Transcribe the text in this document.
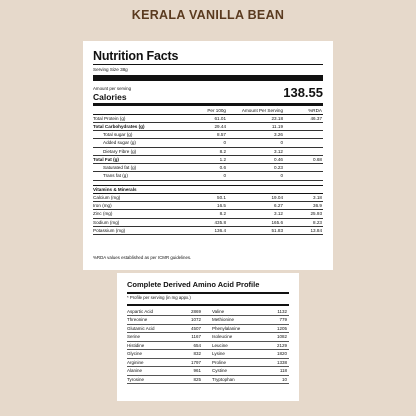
KERALA VANILLA BEAN
Nutrition Facts
Serving Size 38g
Amount per serving
Calories	138.55
	Per 100g	Amount Per Serving	%RDA
Total Protein (g)	61.01	23.18	46.37
Total Carbohydrates (g)	29.44	11.19	
Total sugar (g)	8.57	3.26	
Added sugar (g)	0	0	
Dietary Fibre (g)	8.2	3.12	
Total Fat (g)	1.2	0.46	0.68
Saturated fat (g)	0.6	0.23	
Trans fat (g)	0	0	

Vitamins & Minerals			
Calcium (mg)	50.1	19.04	3.18
Iron (mg)	16.5	6.27	36.9
Zinc (mg)	8.2	3.12	25.93
Sodium (mg)	435.8	165.6	8.23
Potassium (mg)	136.4	51.83	13.84
%RDA values established as per ICMR guidelines.
Complete Derived Amino Acid Profile
* Profile per serving (in mg appx.)
Aspartic Acid	2869	Valine	1132
Threonine	1072	Methionine	779
Glutamic Acid	4507	Phenylalanine	1205
Serine	1167	Isoleucine	1082
Histidine	654	Leucine	2129
Glycine	832	Lysine	1820
Arginine	1797	Proline	1338
Alanine	961	Cystine	118
Tyrosine	825	Tryptophan	10
